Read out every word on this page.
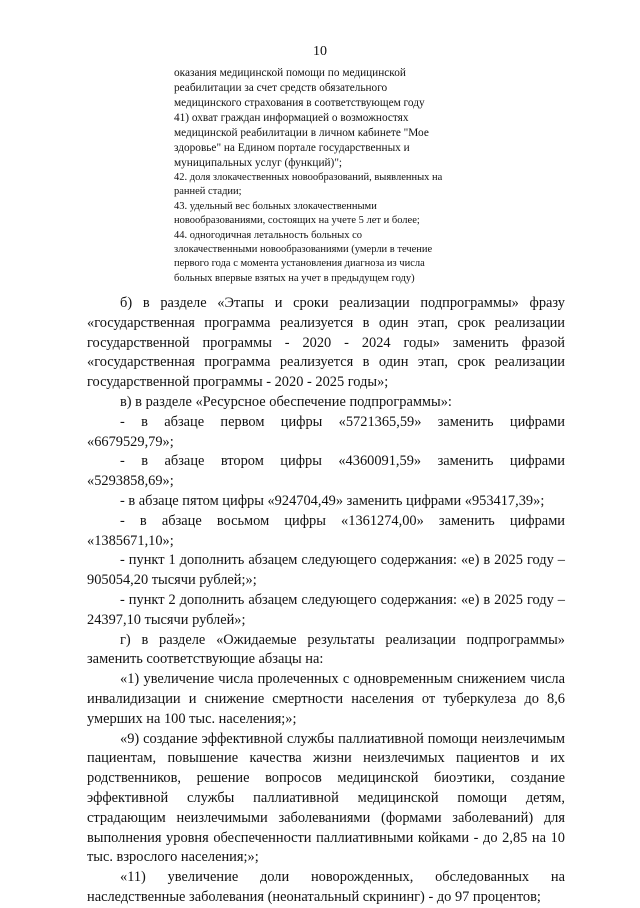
10
оказания медицинской помощи по медицинской
реабилитации за счет средств обязательного
медицинского страхования в соответствующем году
41) охват граждан информацией о возможностях
медицинской реабилитации в личном кабинете "Мое
здоровье" на Едином портале государственных и
муниципальных услуг (функций)";
42. доля злокачественных новообразований, выявленных на
ранней стадии;
43. удельный вес больных злокачественными
новообразованиями, состоящих на учете 5 лет и более;
44. одногодичная летальность больных со
злокачественными новообразованиями (умерли в течение
первого года с момента установления диагноза из числа
больных впервые взятых на учет в предыдущем году)

б) в разделе «Этапы и сроки реализации подпрограммы» фразу «государственная программа реализуется в один этап, срок реализации государственной программы - 2020 - 2024 годы» заменить фразой «государственная программа реализуется в один этап, срок реализации государственной программы - 2020 - 2025 годы»;

в) в разделе «Ресурсное обеспечение подпрограммы»:

- в абзаце первом цифры «5721365,59» заменить цифрами «6679529,79»;

- в абзаце втором цифры «4360091,59» заменить цифрами «5293858,69»;

- в абзаце пятом цифры «924704,49» заменить цифрами «953417,39»;

- в абзаце восьмом цифры «1361274,00» заменить цифрами «1385671,10»;

- пункт 1 дополнить абзацем следующего содержания: «е) в 2025 году – 905054,20 тысячи рублей;»;

- пункт 2 дополнить абзацем следующего содержания: «е) в 2025 году – 24397,10 тысячи рублей»;

г) в разделе «Ожидаемые результаты реализации подпрограммы» заменить соответствующие абзацы на:

«1) увеличение числа пролеченных с одновременным снижением числа инвалидизации и снижение смертности населения от туберкулеза до 8,6 умерших на 100 тыс. населения;»;

«9) создание эффективной службы паллиативной помощи неизлечимым пациентам, повышение качества жизни неизлечимых пациентов и их родственников, решение вопросов медицинской биоэтики, создание эффективной службы паллиативной медицинской помощи детям, страдающим неизлечимыми заболеваниями (формами заболеваний) для выполнения уровня обеспеченности паллиативными койками - до 2,85 на 10 тыс. взрослого населения;»;

«11) увеличение доли новорожденных, обследованных на наследственные заболевания (неонатальный скрининг) - до 97 процентов;
